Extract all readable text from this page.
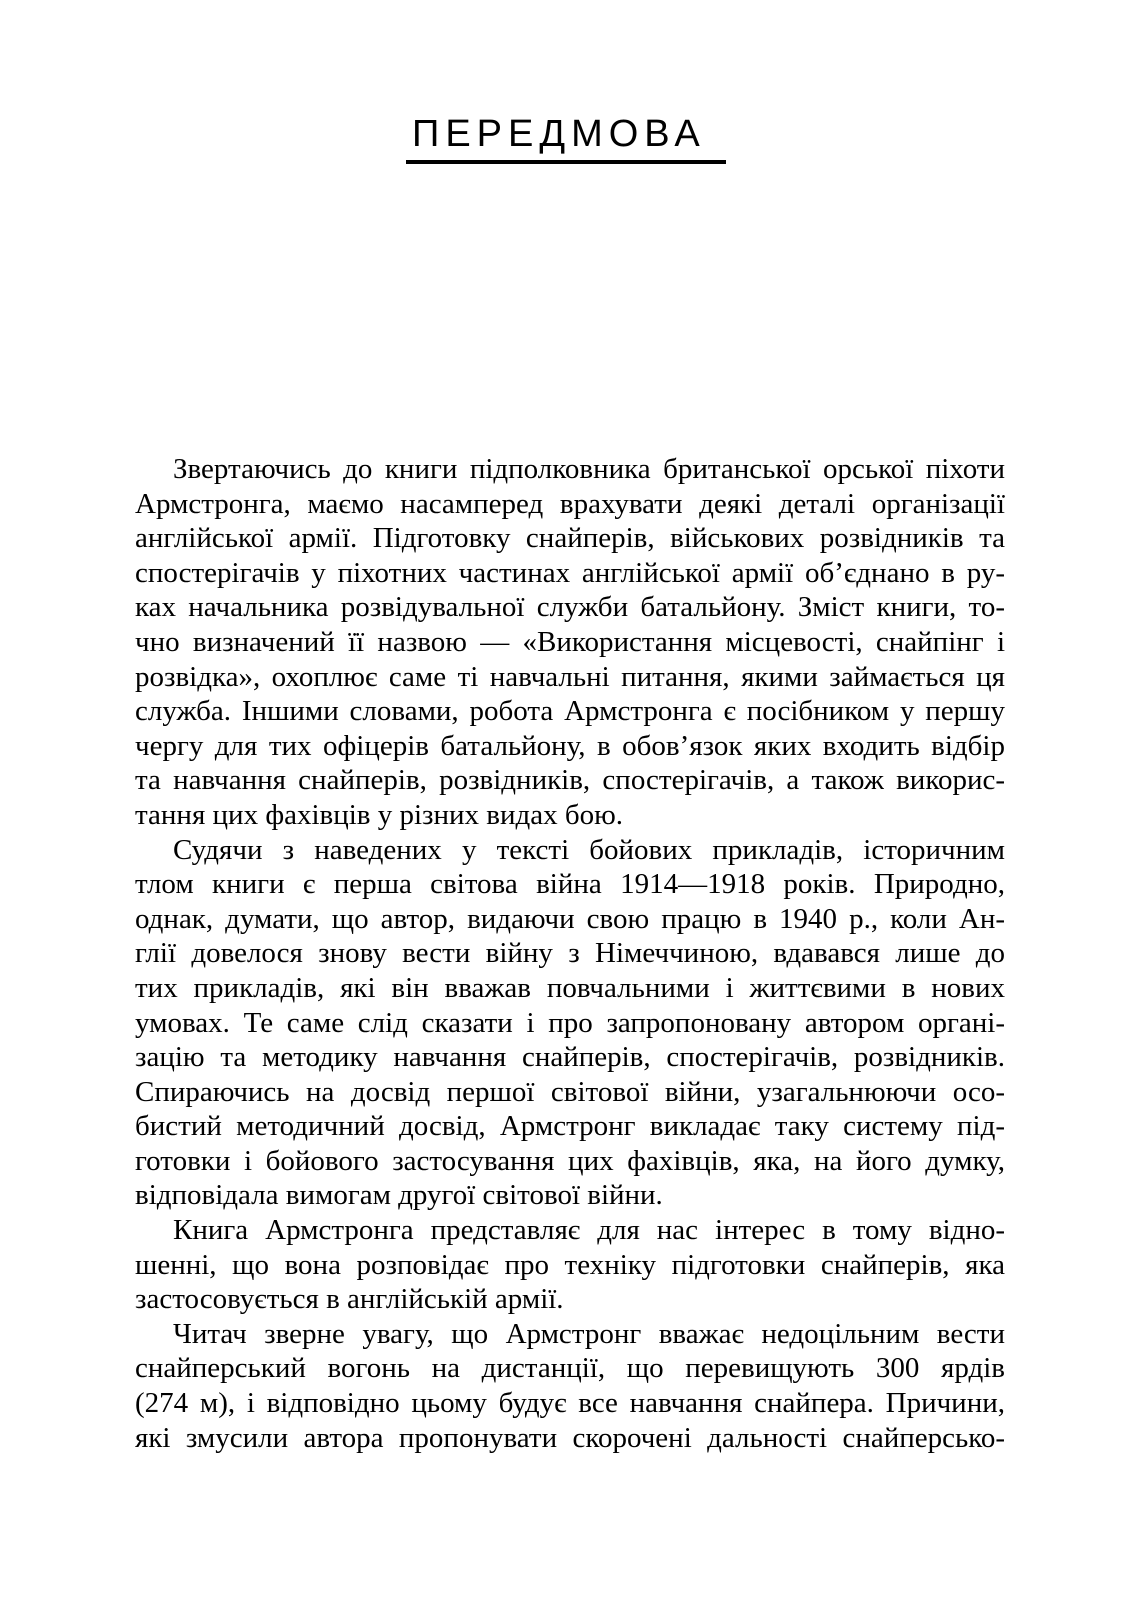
ПЕРЕДМОВА

Звертаючись до книги підполковника британської орської піхоти
Армстронга, маємо насамперед врахувати деякі деталі організації
англійської армії. Підготовку снайперів, військових розвідників та
спостерігачів у піхотних частинах англійської армії об’єднано в ру-
ках начальника розвідувальної служби батальйону. Зміст книги, то-
чно визначений її назвою — «Використання місцевості, снайпінг і
розвідка», охоплює саме ті навчальні питання, якими займається ця
служба. Іншими словами, робота Армстронга є посібником у першу
чергу для тих офіцерів батальйону, в обов’язок яких входить відбір
та навчання снайперів, розвідників, спостерігачів, а також викорис-
тання цих фахівців у різних видах бою.

Судячи з наведених у тексті бойових прикладів, історичним
тлом книги є перша світова війна 1914—1918 років. Природно,
однак, думати, що автор, видаючи свою працю в 1940 р., коли Ан-
глії довелося знову вести війну з Німеччиною, вдавався лише до
тих прикладів, які він вважав повчальними і життєвими в нових
умовах. Те саме слід сказати і про запропоновану автором органі-
зацію та методику навчання снайперів, спостерігачів, розвідників.
Спираючись на досвід першої світової війни, узагальнюючи осо-
бистий методичний досвід, Армстронг викладає таку систему під-
готовки і бойового застосування цих фахівців, яка, на його думку,
відповідала вимогам другої світової війни.

Книга Армстронга представляє для нас інтерес в тому відно-
шенні, що вона розповідає про техніку підготовки снайперів, яка
застосовується в англійській армії.

Читач зверне увагу, що Армстронг вважає недоцільним вести
снайперський вогонь на дистанції, що перевищують 300 ярдів
(274 м), і відповідно цьому будує все навчання снайпера. Причини,
які змусили автора пропонувати скорочені дальності снайперсько-
